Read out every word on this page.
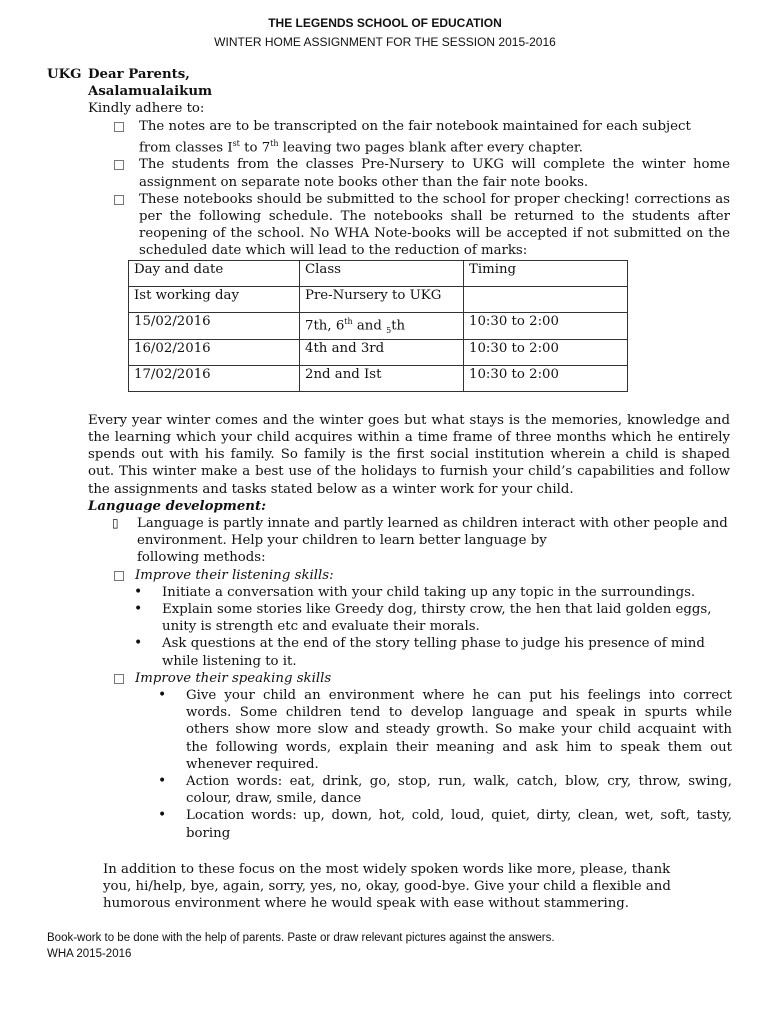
THE LEGENDS SCHOOL OF EDUCATION
WINTER HOME ASSIGNMENT FOR THE SESSION 2015-2016
UKG Dear Parents,
Asalamualaikum
Kindly adhere to:
The notes are to be transcripted on the fair notebook maintained for each subject
from classes Ist to 7th leaving two pages blank after every chapter.
The students from the classes Pre-Nursery to UKG will complete the winter home assignment on separate note books other than the fair note books.
These notebooks should be submitted to the school for proper checking! corrections as per the following schedule. The notebooks shall be returned to the students after reopening of the school. No WHA Note-books will be accepted if not submitted on the scheduled date which will lead to the reduction of marks:
Day and date	Class	Timing
Ist working day	Pre-Nursery to UKG	
15/02/2016	7th, 6th and $_5$th	10:30 to 2:00
16/02/2016	4th and 3rd	10:30 to 2:00
17/02/2016	2nd and Ist	10:30 to 2:00
Every year winter comes and the winter goes but what stays is the memories, knowledge and the learning which your child acquires within a time frame of three months which he entirely spends out with his family. So family is the first social institution wherein a child is shaped out. This winter make a best use of the holidays to furnish your child’s capabilities and follow the assignments and tasks stated below as a winter work for your child.
Language development:
▯ Language is partly innate and partly learned as children interact with other people and
environment. Help your children to learn better language by
following methods:
Improve their listening skills:
• Initiate a conversation with your child taking up any topic in the surroundings.
• Explain some stories like Greedy dog, thirsty crow, the hen that laid golden eggs, unity is strength etc and evaluate their morals.
• Ask questions at the end of the story telling phase to judge his presence of mind while listening to it.
Improve their speaking skills
• Give your child an environment where he can put his feelings into correct words. Some children tend to develop language and speak in spurts while others show more slow and steady growth. So make your child acquaint with the following words, explain their meaning and ask him to speak them out whenever required.
• Action words: eat, drink, go, stop, run, walk, catch, blow, cry, throw, swing, colour, draw, smile, dance
• Location words: up, down, hot, cold, loud, quiet, dirty, clean, wet, soft, tasty, boring
In addition to these focus on the most widely spoken words like more, please, thank you, hi/help, bye, again, sorry, yes, no, okay, good-bye. Give your child a flexible and humorous environment where he would speak with ease without stammering.
Book-work to be done with the help of parents. Paste or draw relevant pictures against the answers.
WHA 2015-2016
